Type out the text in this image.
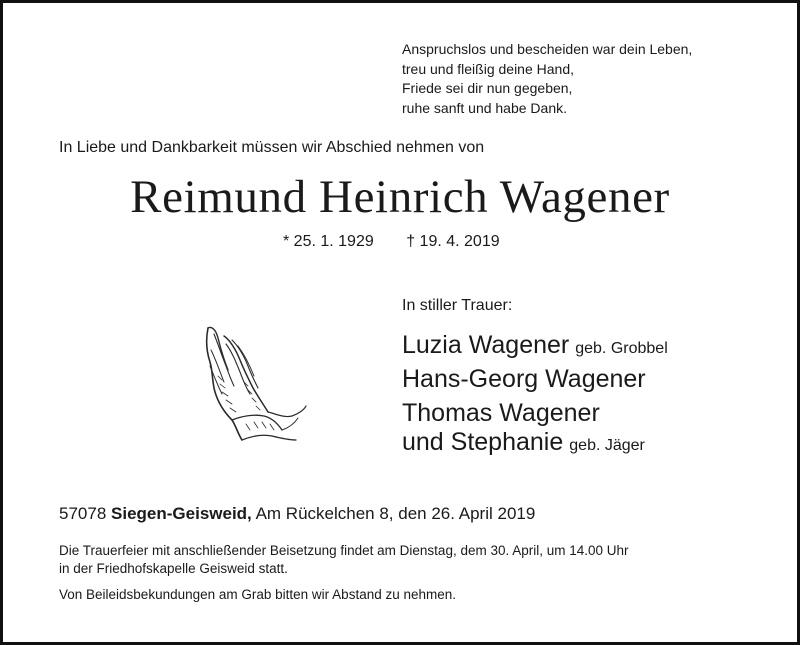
Anspruchslos und bescheiden war dein Leben,
treu und fleißig deine Hand,
Friede sei dir nun gegeben,
ruhe sanft und habe Dank.
In Liebe und Dankbarkeit müssen wir Abschied nehmen von
Reimund Heinrich Wagener
* 25. 1. 1929 † 19. 4. 2019
In stiller Trauer:
Luzia Wagener geb. Grobbel
Hans-Georg Wagener
Thomas Wagener
und Stephanie geb. Jäger
57078 Siegen-Geisweid, Am Rückelchen 8, den 26. April 2019
Die Trauerfeier mit anschließender Beisetzung findet am Dienstag, dem 30. April, um 14.00 Uhr
in der Friedhofskapelle Geisweid statt.
Von Beileidsbekundungen am Grab bitten wir Abstand zu nehmen.
